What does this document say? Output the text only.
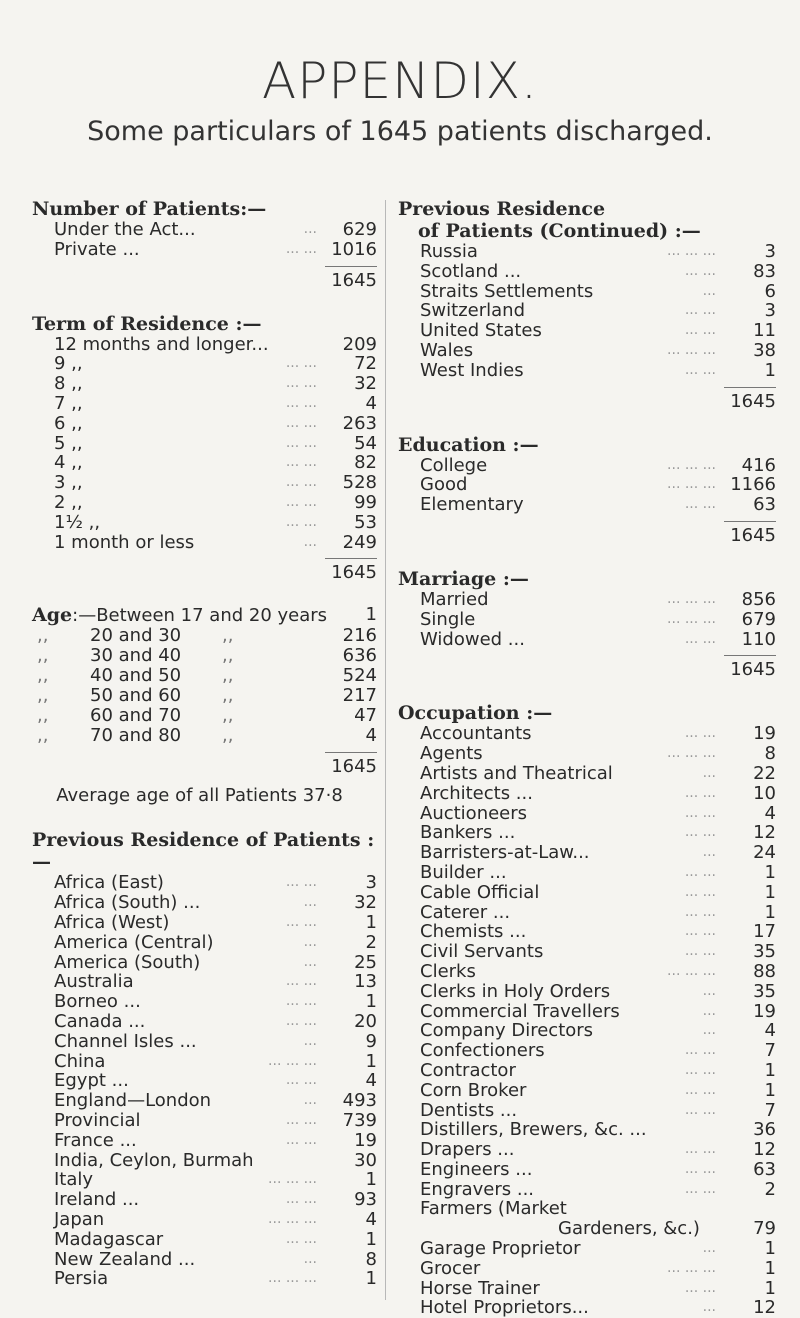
APPENDIX.
Some particulars of 1645 patients discharged.
Number of Patients:—
Under the Act...	... 629
Private ...	... ... 1016
1645
Term of Residence :—
12 months and longer...	209
9 ,,	... ... 72
8 ,,	... ... 32
7 ,,	... ...	4
6 ,,	... ... 263
5 ,,	... ... 54
4 ,,	... ... 82
3 ,,	... ... 528
2 ,,	... ... 99
1½ ,,	... ... 53
1 month or less	... 249
1645
Age:—Between 17 and 20 years 1
,, 20 and 30 ,,	216
,, 30 and 40 ,,	636
,, 40 and 50 ,,	524
,, 50 and 60 ,,	217
,, 60 and 70 ,,	47
,, 70 and 80 ,,	4
1645
Average age of all Patients 37·8
Previous Residence of Patients : —
Africa (East)	... ...	3
Africa (South) ...	... 32
Africa (West)	... ...	1
America (Central)	...	2
America (South)	... 25
Australia	... ... 13
Borneo ...	... ...	1
Canada ...	... ... 20
Channel Isles ...	...	9
China	... ... ...	1
Egypt ...	... ...	4
England—London	... 493
Provincial	... ... 739
France ...	... ... 19
India, Ceylon, Burmah	30
Italy	... ... ...	1
Ireland ...	... ... 93
Japan	... ... ...	4
Madagascar	... ...	1
New Zealand ...	...	8
Persia	... ... ...	1
Previous Residence
of Patients (Continued) :—
Russia	... ... ...	3
Scotland ...	... ... 83
Straits Settlements	...	6
Switzerland	... ...	3
United States	... ... 11
Wales	... ... ... 38
West Indies	... ...	1
1645
Education :—
College	... ... ... 416
Good	... ... ... 1166
Elementary	... ... 63
1645
Marriage :—
Married	... ... ... 856
Single	... ... ... 679
Widowed ...	... ... 110
1645
Occupation :—
Accountants	... ... 19
Agents	... ... ...	8
Artists and Theatrical	... 22
Architects ...	... ... 10
Auctioneers	... ...	4
Bankers ...	... ... 12
Barristers-at-Law...	... 24
Builder ...	... ...	1
Cable Official	... ...	1
Caterer ...	... ...	1
Chemists ...	... ... 17
Civil Servants	... ... 35
Clerks	... ... ... 88
Clerks in Holy Orders	... 35
Commercial Travellers	... 19
Company Directors	...	4
Confectioners	... ...	7
Contractor	... ...	1
Corn Broker	... ...	1
Dentists ...	... ...	7
Distillers, Brewers, &c. ...	36
Drapers ...	... ... 12
Engineers ...	... ... 63
Engravers ...	... ...	2
Farmers (Market
Gardeners, &c.)	79
Garage Proprietor	...	1
Grocer	... ... ...	1
Horse Trainer	... ...	1
Hotel Proprietors...	... 12
